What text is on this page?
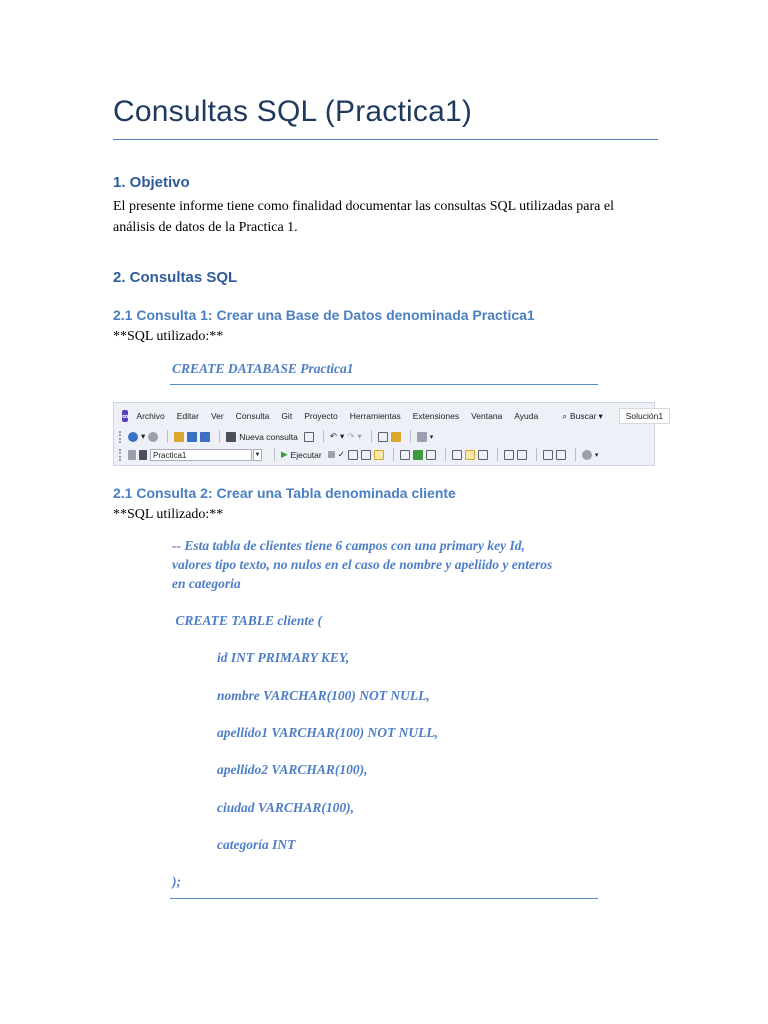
Consultas SQL (Practica1)
1. Objetivo
El presente informe tiene como finalidad documentar las consultas SQL utilizadas para el análisis de datos de la Practica 1.
2. Consultas SQL
2.1 Consulta 1: Crear una Base de Datos denominada Practica1
**SQL utilizado:**
CREATE DATABASE Practica1
∞ Archivo Editar Ver Consulta Git Proyecto Herramientas Extensiones Ventana Ayuda	⌕ Buscar ▾	Solución1
▾	Nueva consulta	↶ ▾ ↷ ▾	▾
Practica1	▼ ▶ Ejecutar ✓	▾
2.1 Consulta 2: Crear una Tabla denominada cliente
**SQL utilizado:**
-- Esta tabla de clientes tiene 6 campos con una primary key Id,
valores tipo texto, no nulos en el caso de nombre y apeliido y enteros
en categoria
CREATE TABLE cliente (
id INT PRIMARY KEY,
nombre VARCHAR(100) NOT NULL,
apellido1 VARCHAR(100) NOT NULL,
apellido2 VARCHAR(100),
ciudad VARCHAR(100),
categoría INT
);
